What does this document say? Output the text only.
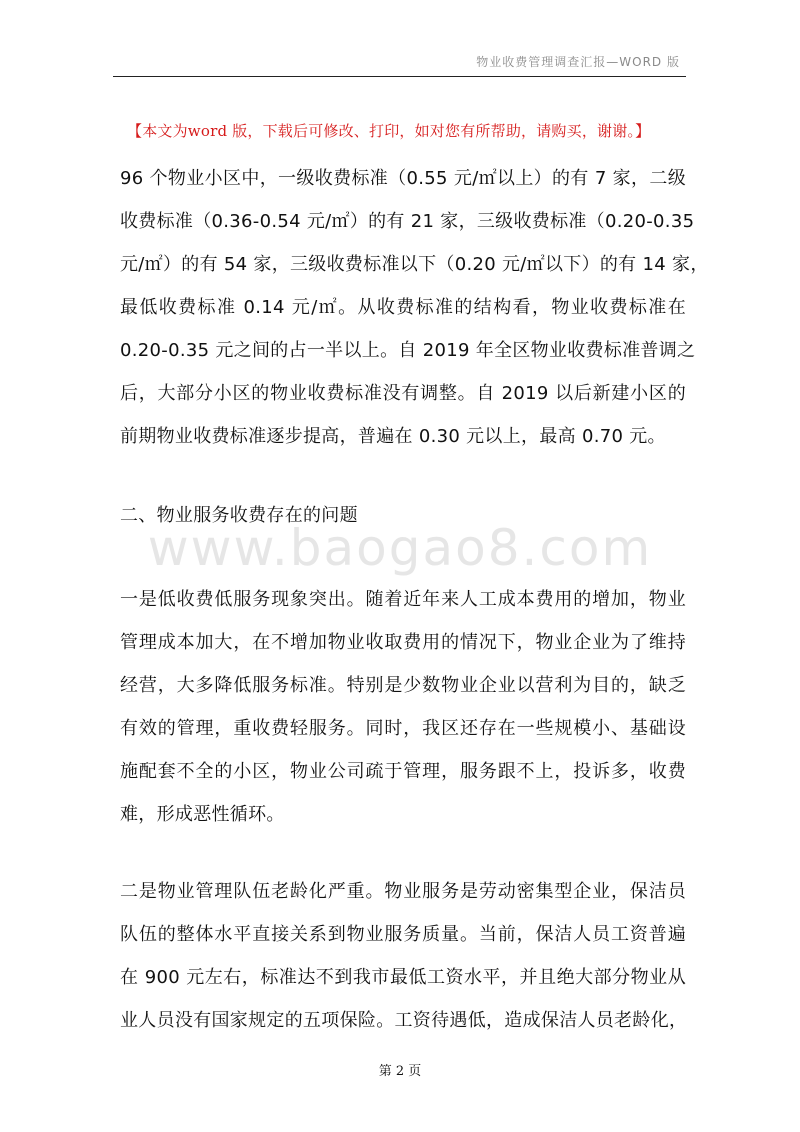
物业收费管理调查汇报—WORD 版
【本文为word 版，下载后可修改、打印，如对您有所帮助，请购买，谢谢。】
96 个物业小区中，一级收费标准（0.55 元/㎡以上）的有 7 家，二级
收费标准（0.36-0.54 元/㎡）的有 21 家，三级收费标准（0.20-0.35
元/㎡）的有 54 家，三级收费标准以下（0.20 元/㎡以下）的有 14 家，
最低收费标准 0.14 元/㎡。从收费标准的结构看，物业收费标准在
0.20-0.35 元之间的占一半以上。自 2019 年全区物业收费标准普调之
后，大部分小区的物业收费标准没有调整。自 2019 以后新建小区的
前期物业收费标准逐步提高，普遍在 0.30 元以上，最高 0.70 元。
二、物业服务收费存在的问题
www.baogao8.com
一是低收费低服务现象突出。随着近年来人工成本费用的增加，物业
管理成本加大，在不增加物业收取费用的情况下，物业企业为了维持
经营，大多降低服务标准。特别是少数物业企业以营利为目的，缺乏
有效的管理，重收费轻服务。同时，我区还存在一些规模小、基础设
施配套不全的小区，物业公司疏于管理，服务跟不上，投诉多，收费
难，形成恶性循环。
二是物业管理队伍老龄化严重。物业服务是劳动密集型企业，保洁员
队伍的整体水平直接关系到物业服务质量。当前，保洁人员工资普遍
在 900 元左右，标准达不到我市最低工资水平，并且绝大部分物业从
业人员没有国家规定的五项保险。工资待遇低，造成保洁人员老龄化，
第 2 页
